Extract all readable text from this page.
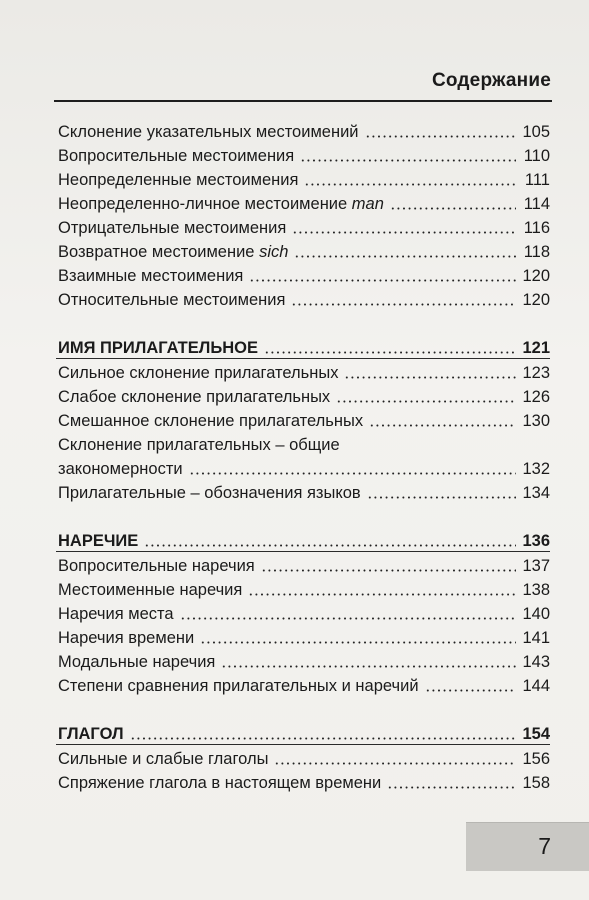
Содержание
Склонение указательных местоимений	105
Вопросительные местоимения	110
Неопределенные местоимения	111
Неопределенно-личное местоимение man	114
Отрицательные местоимения	116
Возвратное местоимение sich	118
Взаимные местоимения	120
Относительные местоимения	120
ИМЯ ПРИЛАГАТЕЛЬНОЕ	121
Сильное склонение прилагательных	123
Слабое склонение прилагательных	126
Смешанное склонение прилагательных	130
Склонение прилагательных – общие
закономерности	132
Прилагательные – обозначения языков	134
НАРЕЧИЕ	136
Вопросительные наречия	137
Местоименные наречия	138
Наречия места	140
Наречия времени	141
Модальные наречия	143
Степени сравнения прилагательных и наречий	144
ГЛАГОЛ	154
Сильные и слабые глаголы	156
Спряжение глагола в настоящем времени	158
7
